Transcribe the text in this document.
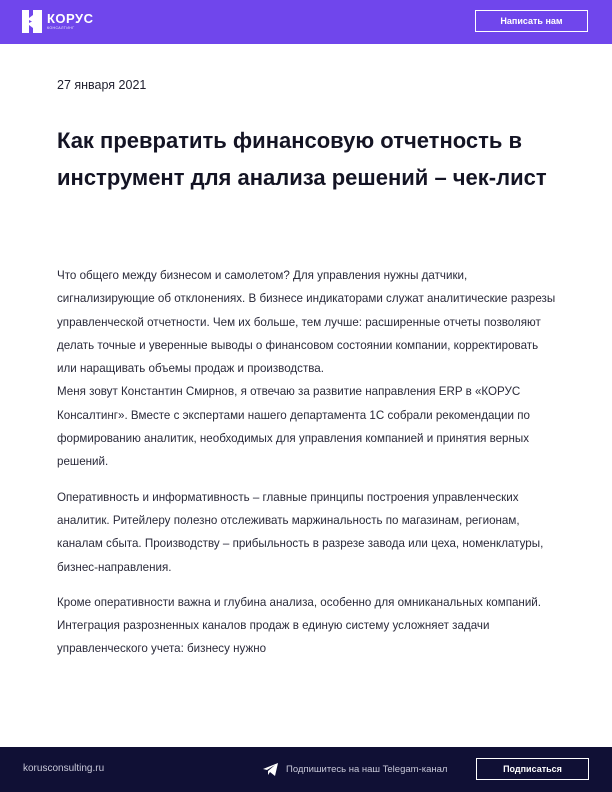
КОРУС
КОНСАЛТИНГ
Написать нам
27 января 2021
Как превратить финансовую отчетность в инструмент для анализа решений – чек-лист

Что общего между бизнесом и самолетом? Для управления нужны датчики, сигнализирующие об отклонениях. В бизнесе индикаторами служат аналитические разрезы управленческой отчетности. Чем их больше, тем лучше: расширенные отчеты позволяют делать точные и уверенные выводы о финансовом состоянии компании, корректировать или наращивать объемы продаж и производства.

Меня зовут Константин Смирнов, я отвечаю за развитие направления ERP в «КОРУС Консалтинг». Вместе с экспертами нашего департамента 1С собрали рекомендации по формированию аналитик, необходимых для управления компанией и принятия верных решений.

Оперативность и информативность – главные принципы построения управленческих аналитик. Ритейлеру полезно отслеживать маржинальность по магазинам, регионам, каналам сбыта. Производству – прибыльность в разрезе завода или цеха, номенклатуры, бизнес-направления.

Кроме оперативности важна и глубина анализа, особенно для омниканальных компаний. Интеграция разрозненных каналов продаж в единую систему усложняет задачи управленческого учета: бизнесу нужно

korusconsulting.ru	Подпишитесь на наш Telegam-канал	Подписаться
